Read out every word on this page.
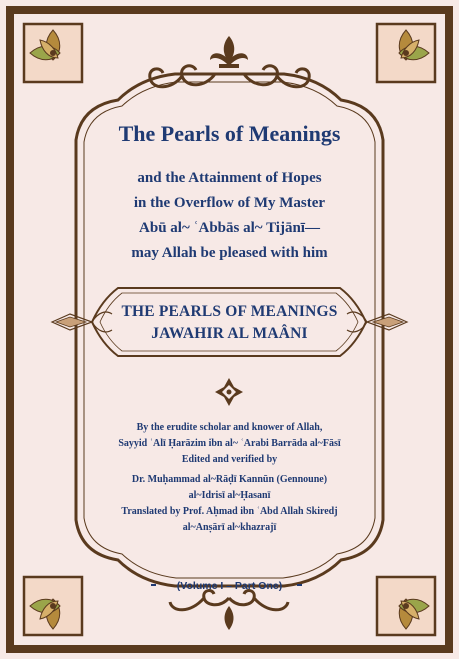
The Pearls of Meanings
and the Attainment of Hopes
in the Overflow of My Master
Abū al~ ʿAbbās al~ Tijānī—
may Allah be pleased with him
THE PEARLS OF MEANINGS
JAWAHIR AL MAÂNI
By the erudite scholar and knower of Allah,
Sayyid ʿAlī Ḥarāzim ibn al~ ʿArabi Barrāda al~Fāsī
Edited and verified by
Dr. Muḥammad al~Rāḍī Kannūn (Gennoune)
al~Idrisī al~Ḥasanī
Translated by Prof. Aḥmad ibn ʿAbd Allah Skiredj
al~Anṣārī al~khazrajī
(Volume I – Part One)
